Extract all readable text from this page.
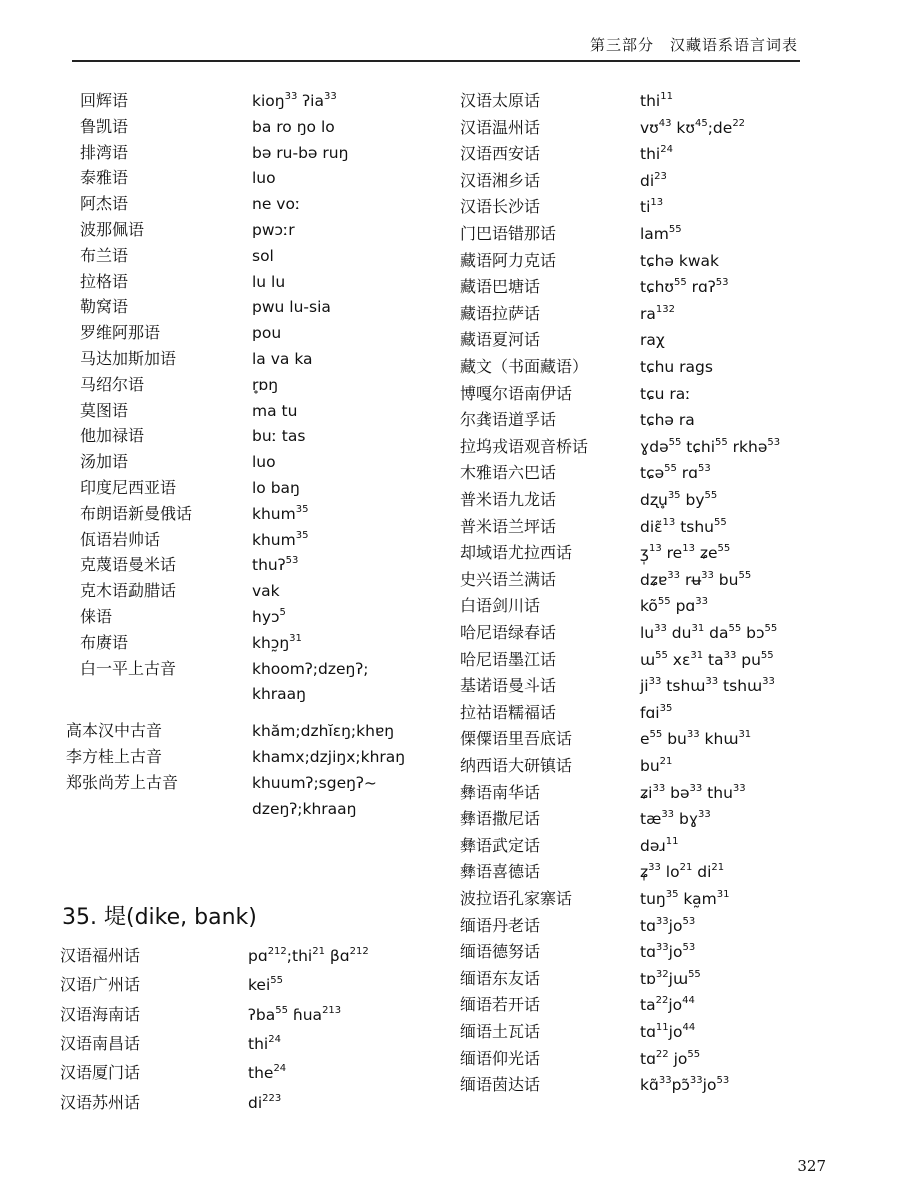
第三部分　汉藏语系语言词表
回辉语	kioŋ$^{33}$ ʔia$^{33}$
鲁凯语	ba ro ŋo lo
排湾语	bə ru-bə ruŋ
泰雅语	luo
阿杰语	ne voː
波那佩语	pwɔːr
布兰语	sol
拉格语	lu lu
勒窝语	pwu lu-sia
罗维阿那语	pou
马达加斯加语	la va ka
马绍尔语	r̥ɒŋ
莫图语	ma tu
他加禄语	buː tas
汤加语	luo
印度尼西亚语	lo baŋ
布朗语新曼俄话	khum$^{35}$
佤语岩帅话	khum$^{35}$
克蔑语曼米话	thuʔ$^{53}$
克木语勐腊话	vak
俫语	hyɔ$^5$
布赓语	$khɔ̰ŋ^{31}$
白一平上古音	khoomʔ;dzeŋʔ;
khraaŋ
高本汉中古音	khăm;dzhĭɛŋ;khɐŋ
李方桂上古音	khamx;dzjiŋx;khraŋ
郑张尚芳上古音	khuumʔ;sgeŋʔ~
dzeŋʔ;khraaŋ
35. 堤(dike, bank)
汉语福州话	pɑ$^{212}$;thi$^{21}$ βɑ$^{212}$
汉语广州话	kei$^{55}$
汉语海南话	ʔba$^{55}$ ɦua$^{213}$
汉语南昌话	thi$^{24}$
汉语厦门话	the$^{24}$
汉语苏州话	$di^{223}$
汉语太原话	thi$^{11}$
汉语温州话	vʊ$^{43}$ $kʊ^{45};de^{22}$
汉语西安话	thi$^{24}$
汉语湘乡话	$di^{23}$
汉语长沙话	$ti^{13}$
门巴语错那话	lam$^{55}$
藏语阿力克话	tɕhə kwak
藏语巴塘话	tɕhʊ$^{55}$ rɑʔ$^{53}$
藏语拉萨话	$ra^{132}$
藏语夏河话	raχ
藏文（书面藏语）	tɕhu rags
博嘎尔语南伊话	tɕu raː
尔龚语道孚话	tɕhə ra
拉坞戎语观音桥话	ɣdə$^{55}$ tɕhi$^{55}$ rkhə$^{53}$
木雅语六巴话	tɕə$^{55}$ rɑ$^{53}$
普米语九龙话	dʐu̥$^{35}$ $by^{55}$
普米语兰坪话	diɛ̃$^{13}$ tshu$^{55}$
却域语尤拉西话	ʒ̩$^{13}$ $re^{13}$ ʑe$^{55}$
史兴语兰满话	dʑɐ$^{33}$ rʉ$^{33}$ $bu^{55}$
白语剑川话	$kõ^{55}$ pɑ$^{33}$
哈尼语绿春话	$lu^{33}$ $du^{31}$ $da^{55}$ bɔ$^{55}$
哈尼语墨江话	ɯ$^{55}$ xɛ$^{31}$ $ta^{33}$ $pu^{55}$
基诺语曼斗话	$ji^{33}$ tshɯ$^{33}$ tshɯ$^{33}$
拉祜语糯福话	fɑi$^{35}$
傈僳语里吾底话	$e^{55}$ $bu^{33}$ khɯ$^{31}$
纳西语大研镇话	$bu^{21}$
彝语南华话	ʑi$^{33}$ bə$^{33}$ thu$^{33}$
彝语撒尼话	$tæ^{33}$ bɣ$^{33}$
彝语武定话	dəɹ$^{11}$
彝语喜德话	ʑ̩$^{33}$ $lo^{21}$ $di^{21}$
波拉语孔家寨话	tuŋ$^{35}$ $ka̰m^{31}$
缅语丹老话	$tɑ^{33}jo^{53}$
缅语德努话	$tɑ^{33}jo^{53}$
缅语东友话	tɒ$^{32}$jɯ$^{55}$
缅语若开话	$ta^{22}jo^{44}$
缅语土瓦话	$tɑ^{11}jo^{44}$
缅语仰光话	tɑ$^{22}$ $jo^{55}$
缅语茵达话	$kɑ̃^{33}pɔ̃^{33}jo^{53}$
327
